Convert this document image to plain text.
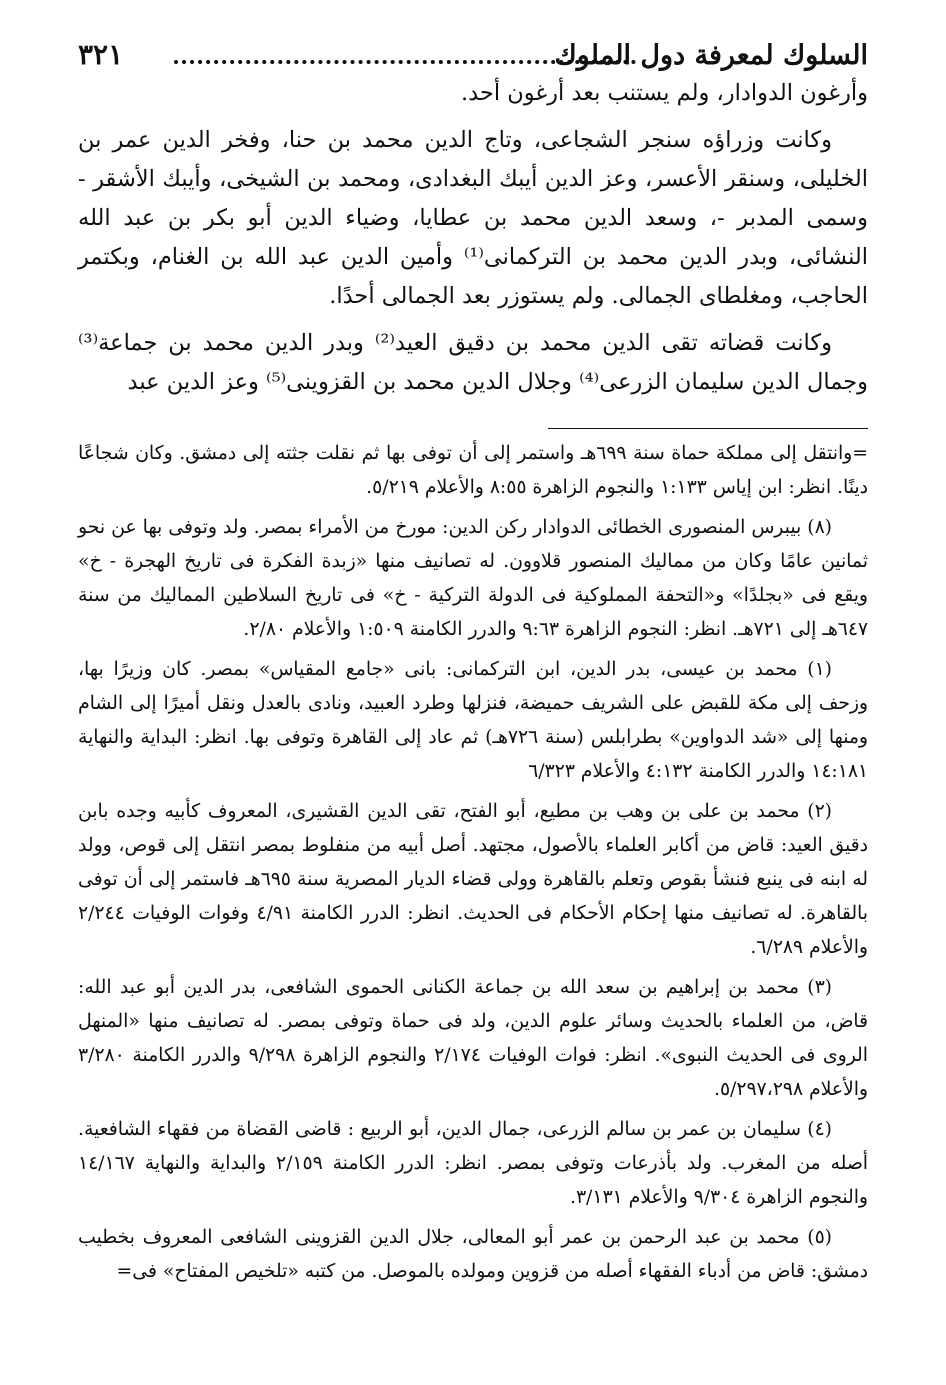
السلوك لمعرفة دول الملوك
٣٢١

وأرغون الدوادار، ولم يستنب بعد أرغون أحد.

وكانت وزراؤه سنجر الشجاعى، وتاج الدين محمد بن حنا، وفخر الدين عمر بن الخليلى، وسنقر الأعسر، وعز الدين أيبك البغدادى، ومحمد بن الشيخى، وأيبك الأشقر - وسمى المدبر -، وسعد الدين محمد بن عطايا، وضياء الدين أبو بكر بن عبد الله النشائى، وبدر الدين محمد بن التركمانى⁽¹⁾ وأمين الدين عبد الله بن الغنام، وبكتمر الحاجب، ومغلطاى الجمالى. ولم يستوزر بعد الجمالى أحدًا.

وكانت قضاته تقى الدين محمد بن دقيق العيد⁽²⁾ وبدر الدين محمد بن جماعة⁽³⁾ وجمال الدين سليمان الزرعى⁽⁴⁾ وجلال الدين محمد بن القزوينى⁽⁵⁾ وعز الدين عبد

=وانتقل إلى مملكة حماة سنة ٦٩٩هـ واستمر إلى أن توفى بها ثم نقلت جثته إلى دمشق. وكان شجاعًا دينًا. انظر: ابن إياس ١:١٣٣ والنجوم الزاهرة ٨:٥٥ والأعلام ٥/٢١٩.

(٨) بيبرس المنصورى الخطائى الدوادار ركن الدين: مورخ من الأمراء بمصر. ولد وتوفى بها عن نحو ثمانين عامًا وكان من مماليك المنصور قلاوون. له تصانيف منها «زبدة الفكرة فى تاريخ الهجرة - خ» ويقع فى «بجلدًا» و«التحفة المملوكية فى الدولة التركية - خ» فى تاريخ السلاطين المماليك من سنة ٦٤٧هـ إلى ٧٢١هـ. انظر: النجوم الزاهرة ٩:٦٣ والدرر الكامنة ١:٥٠٩ والأعلام ٢/٨٠.

(١) محمد بن عيسى، بدر الدين، ابن التركمانى: بانى «جامع المقياس» بمصر. كان وزيرًا بها، وزحف إلى مكة للقبض على الشريف حميضة، فنزلها وطرد العبيد، ونادى بالعدل ونقل أميرًا إلى الشام ومنها إلى «شد الدواوين» بطرابلس (سنة ٧٢٦هـ) ثم عاد إلى القاهرة وتوفى بها. انظر: البداية والنهاية ١٤:١٨١ والدرر الكامنة ٤:١٣٢ والأعلام ٦/٣٢٣

(٢) محمد بن على بن وهب بن مطيع، أبو الفتح، تقى الدين القشيرى، المعروف كأبيه وجده بابن دقيق العيد: قاض من أكابر العلماء بالأصول، مجتهد. أصل أبيه من منفلوط بمصر انتقل إلى قوص، وولد له ابنه فى ينبع فنشأ بقوص وتعلم بالقاهرة وولى قضاء الديار المصرية سنة ٦٩٥هـ فاستمر إلى أن توفى بالقاهرة. له تصانيف منها إحكام الأحكام فى الحديث. انظر: الدرر الكامنة ٤/٩١ وفوات الوفيات ٢/٢٤٤ والأعلام ٦/٢٨٩.

(٣) محمد بن إبراهيم بن سعد الله بن جماعة الكنانى الحموى الشافعى، بدر الدين أبو عبد الله: قاض، من العلماء بالحديث وسائر علوم الدين، ولد فى حماة وتوفى بمصر. له تصانيف منها «المنهل الروى فى الحديث النبوى». انظر: فوات الوفيات ٢/١٧٤ والنجوم الزاهرة ٩/٢٩٨ والدرر الكامنة ٣/٢٨٠ والأعلام ٥/٢٩٧،٢٩٨.

(٤) سليمان بن عمر بن سالم الزرعى، جمال الدين، أبو الربيع : قاضى القضاة من فقهاء الشافعية. أصله من المغرب. ولد بأذرعات وتوفى بمصر. انظر: الدرر الكامنة ٢/١٥٩ والبداية والنهاية ١٤/١٦٧ والنجوم الزاهرة ٩/٣٠٤ والأعلام ٣/١٣١.

(٥) محمد بن عبد الرحمن بن عمر أبو المعالى، جلال الدين القزوينى الشافعى المعروف بخطيب دمشق: قاض من أدباء الفقهاء أصله من قزوين ومولده بالموصل. من كتبه «تلخيص المفتاح» فى=
